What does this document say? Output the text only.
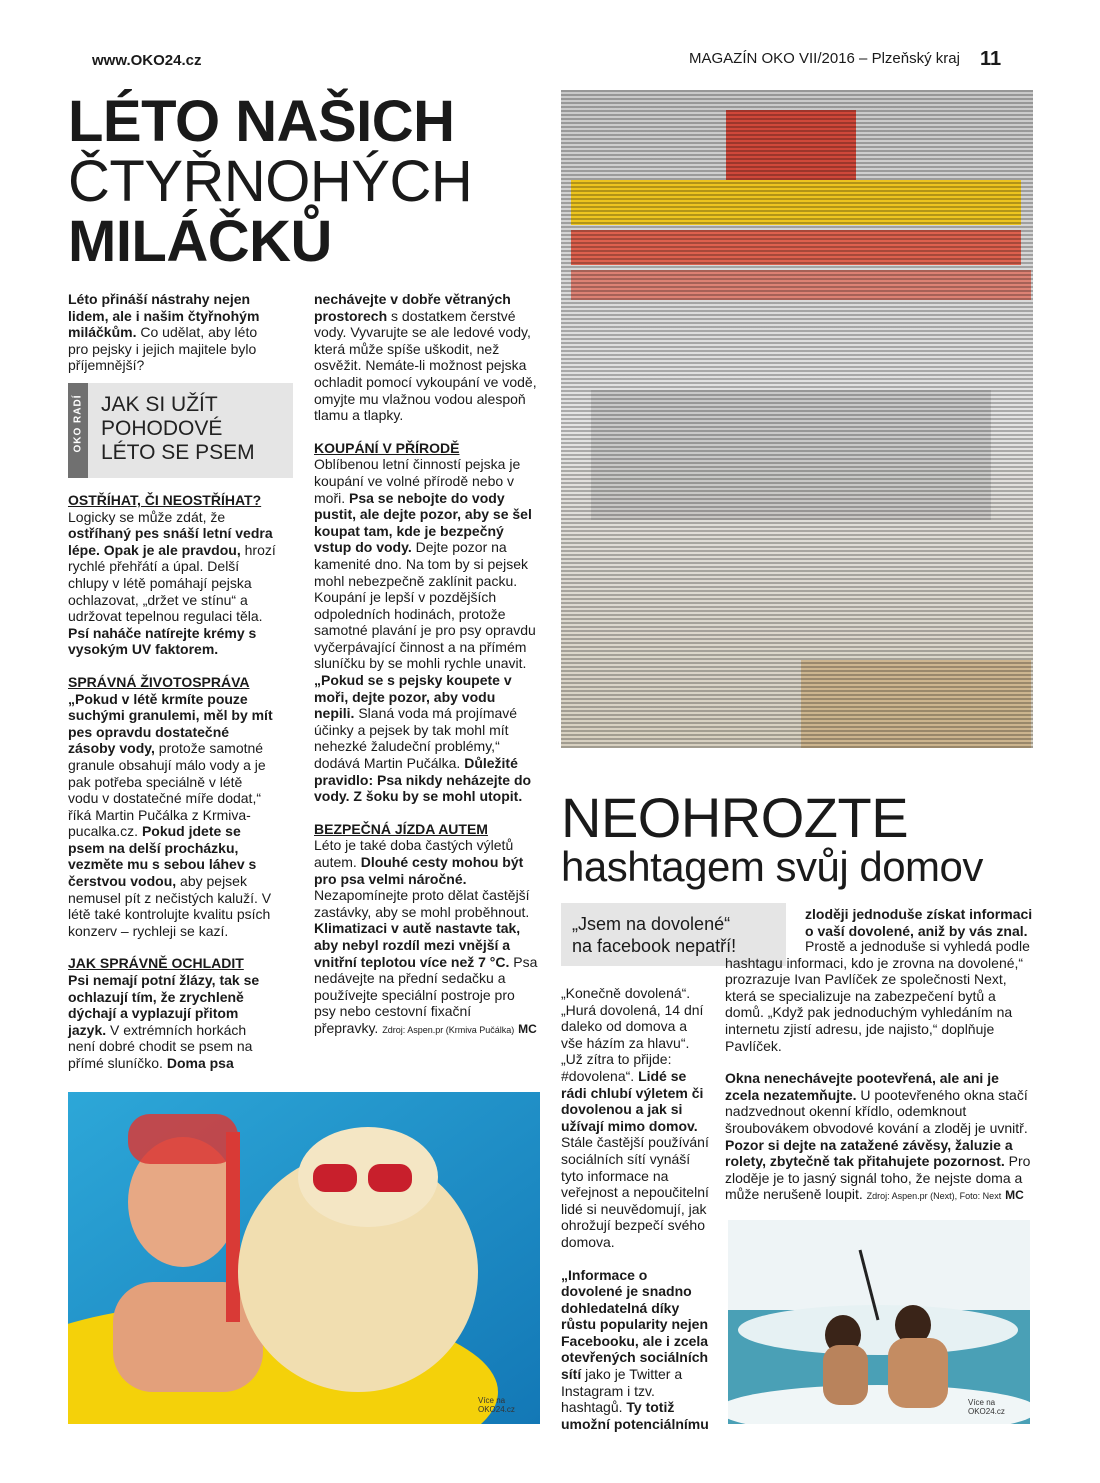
www.OKO24.cz	MAGAZÍN OKO VII/2016 – Plzeňský kraj 11
LÉTO NAŠICH
ČTYŘNOHÝCH
MILÁČKŮ
Léto přináší nástrahy nejen lidem, ale i našim čtyřnohým miláčkům. Co udělat, aby léto pro pejsky i jejich majitele bylo příjemnější?
OKO RADÍ JAK SI UŽÍT
POHODOVÉ
LÉTO SE PSEM

OSTŘÍHAT, ČI NEOSTŘÍHAT?
Logicky se může zdát, že ostříhaný pes snáší letní vedra lépe. Opak je ale pravdou, hrozí rychlé přehřátí a úpal. Delší chlupy v létě pomáhají pejska ochlazovat, „držet ve stínu“ a udržovat tepelnou regulaci těla. Psí naháče natírejte krémy s vysokým UV faktorem.

SPRÁVNÁ ŽIVOTOSPRÁVA
„Pokud v létě krmíte pouze suchými granulemi, měl by mít pes opravdu dostatečné zásoby vody, protože samotné granule obsahují málo vody a je pak potřeba speciálně v létě vodu v dostatečné míře dodat,“ říká Martin Pučálka z Krmiva-pucalka.cz. Pokud jdete se psem na delší procházku, vezměte mu s sebou láhev s čerstvou vodou, aby pejsek nemusel pít z nečistých kaluží. V létě také kontrolujte kvalitu psích konzerv – rychleji se kazí.

JAK SPRÁVNĚ OCHLADIT
Psi nemají potní žlázy, tak se ochlazují tím, že zrychleně dýchají a vyplazují přitom jazyk. V extrémních horkách není dobré chodit se psem na přímé sluníčko. Doma psa

nechávejte v dobře větraných prostorech s dostatkem čerstvé vody. Vyvarujte se ale ledové vody, která může spíše uškodit, než osvěžit. Nemáte-li možnost pejska ochladit pomocí vykoupání ve vodě, omyjte mu vlažnou vodou alespoň tlamu a tlapky.

KOUPÁNÍ V PŘÍRODĚ
Oblíbenou letní činností pejska je koupání ve volné přírodě nebo v moři. Psa se nebojte do vody pustit, ale dejte pozor, aby se šel koupat tam, kde je bezpečný vstup do vody. Dejte pozor na kamenité dno. Na tom by si pejsek mohl nebezpečně zaklínit packu. Koupání je lepší v pozdějších odpoledních hodinách, protože samotné plavání je pro psy opravdu vyčerpávající činnost a na přímém sluníčku by se mohli rychle unavit. „Pokud se s pejsky koupete v moři, dejte pozor, aby vodu nepili. Slaná voda má projímavé účinky a pejsek by tak mohl mít nehezké žaludeční problémy,“ dodává Martin Pučálka. Důležité pravidlo: Psa nikdy neházejte do vody. Z šoku by se mohl utopit.

BEZPEČNÁ JÍZDA AUTEM
Léto je také doba častých výletů autem. Dlouhé cesty mohou být pro psa velmi náročné. Nezapomínejte proto dělat častější zastávky, aby se mohl proběhnout. Klimatizaci v autě nastavte tak, aby nebyl rozdíl mezi vnější a vnitřní teplotou více než 7 °C. Psa nedávejte na přední sedačku a používejte speciální postroje pro psy nebo cestovní fixační přepravky. Zdroj: Aspen.pr (Krmiva Pučálka) MC

Více na
OKO24.cz
NEOHROZTE
hashtagem svůj domov
„Jsem na dovolené“
na facebook nepatří!

„Konečně dovolená“. „Hurá dovolená, 14 dní daleko od domova a vše házím za hlavu“. „Už zítra to přijde: #dovolena“. Lidé se rádi chlubí výletem či dovolenou a jak si užívají mimo domov. Stále častější používání sociálních sítí vynáší tyto informace na veřejnost a nepoučitelní lidé si neuvědomují, jak ohrožují bezpečí svého domova.

„Informace o dovolené je snadno dohledatelná díky růstu popularity nejen Facebooku, ale i zcela otevřených sociálních sítí jako je Twitter a Instagram i tzv. hashtagů. Ty totiž umožní potenciálnímu

zloději jednoduše získat informaci o vaší dovolené, aniž by vás znal.

Prostě a jednoduše si vyhledá podle hashtagu informaci, kdo je zrovna na dovolené,“ prozrazuje Ivan Pavlíček ze společnosti Next, která se specializuje na zabezpečení bytů a domů. „Když pak jednoduchým vyhledáním na internetu zjistí adresu, jde najisto,“ doplňuje Pavlíček.

Okna nenechávejte pootevřená, ale ani je zcela nezatemňujte. U pootevřeného okna stačí nadzvednout okenní křídlo, odemknout šroubovákem obvodové kování a zloděj je uvnitř. Pozor si dejte na zatažené závěsy, žaluzie a rolety, zbytečně tak přitahujete pozornost. Pro zloděje je to jasný signál toho, že nejste doma a může nerušeně loupit. Zdroj: Aspen.pr (Next), Foto: Next MC

Více na
OKO24.cz
